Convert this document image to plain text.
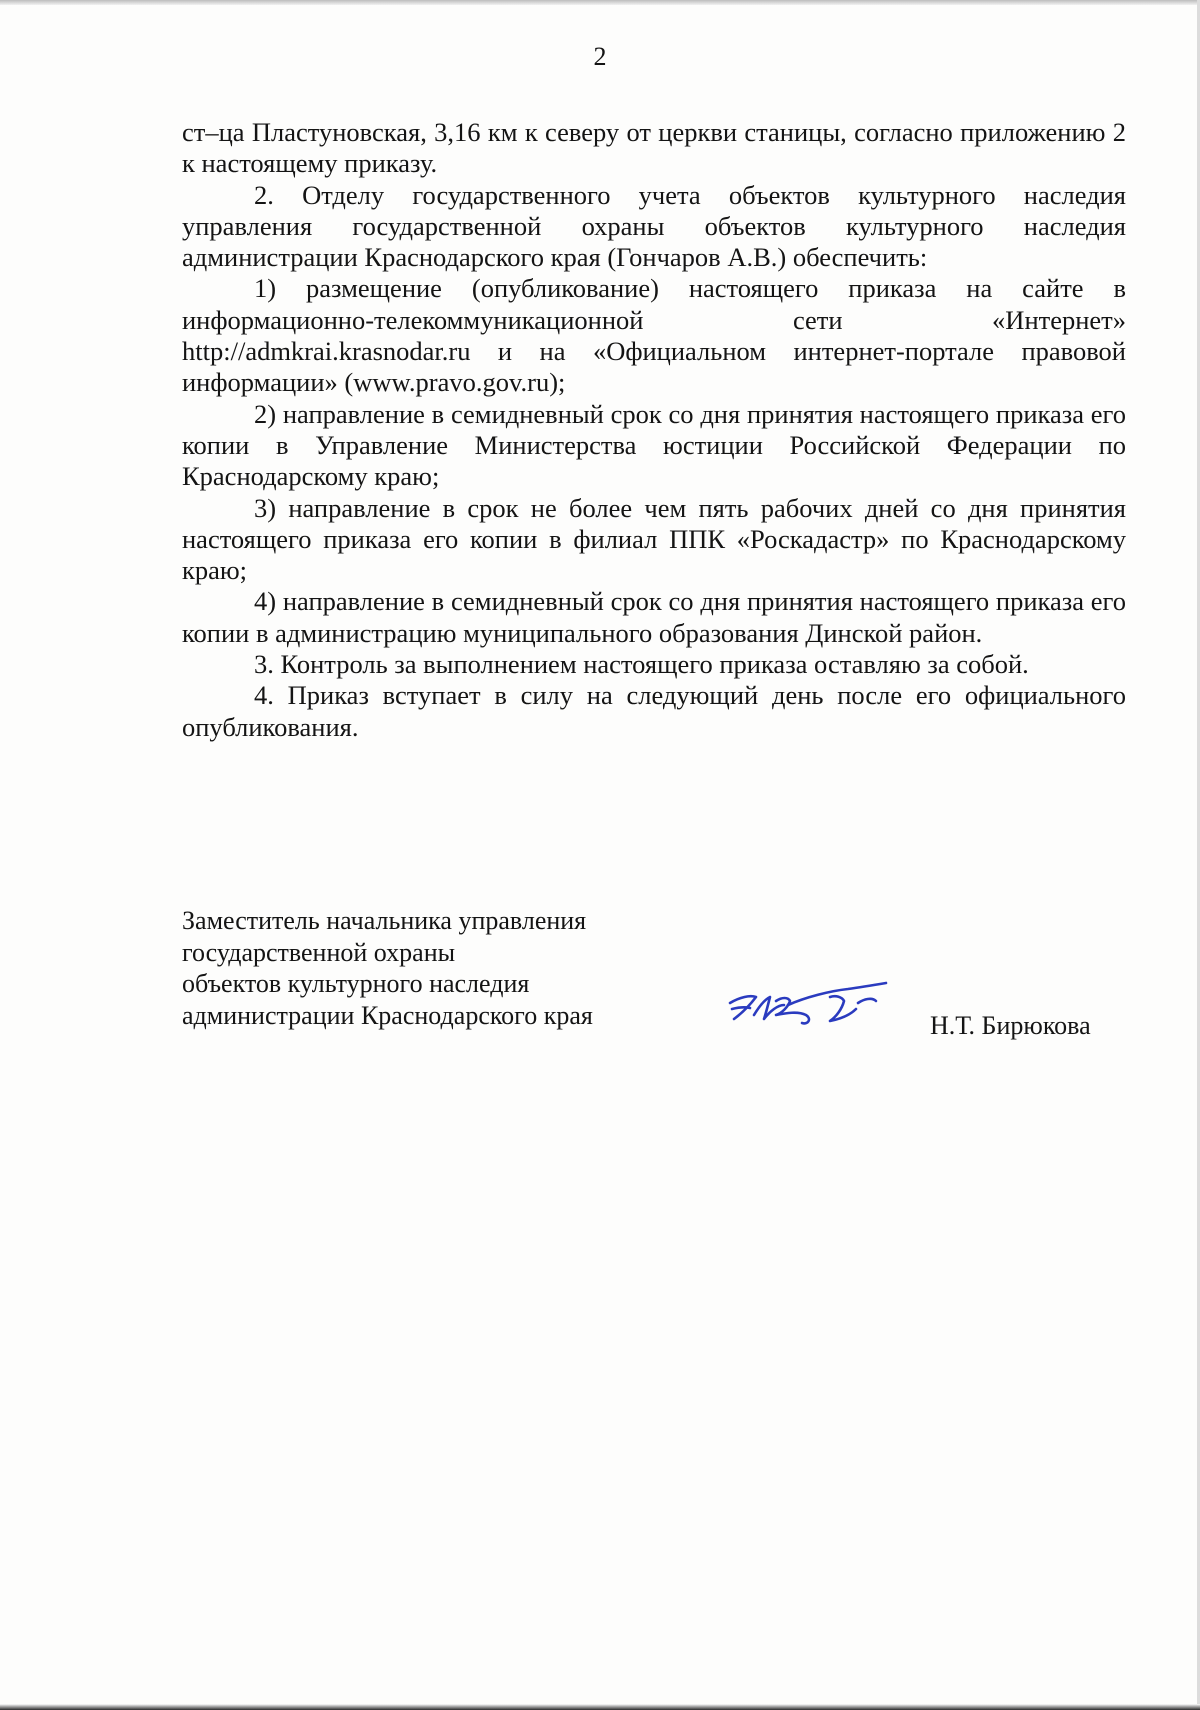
2

ст–ца Пластуновская, 3,16 км к северу от церкви станицы, согласно приложению 2 к настоящему приказу.

2. Отделу государственного учета объектов культурного наследия управления государственной охраны объектов культурного наследия администрации Краснодарского края (Гончаров А.В.) обеспечить:

1) размещение (опубликование) настоящего приказа на сайте в информационно-телекоммуникационной сети «Интернет» http://admkrai.krasnodar.ru и на «Официальном интернет-портале правовой информации» (www.pravo.gov.ru);

2) направление в семидневный срок со дня принятия настоящего приказа его копии в Управление Министерства юстиции Российской Федерации по Краснодарскому краю;

3) направление в срок не более чем пять рабочих дней со дня принятия настоящего приказа его копии в филиал ППК «Роскадастр» по Краснодарскому краю;

4) направление в семидневный срок со дня принятия настоящего приказа его копии в администрацию муниципального образования Динской район.

3. Контроль за выполнением настоящего приказа оставляю за собой.

4. Приказ вступает в силу на следующий день после его официального опубликования.

Заместитель начальника управления
государственной охраны
объектов культурного наследия
администрации Краснодарского края	Н.Т. Бирюкова
